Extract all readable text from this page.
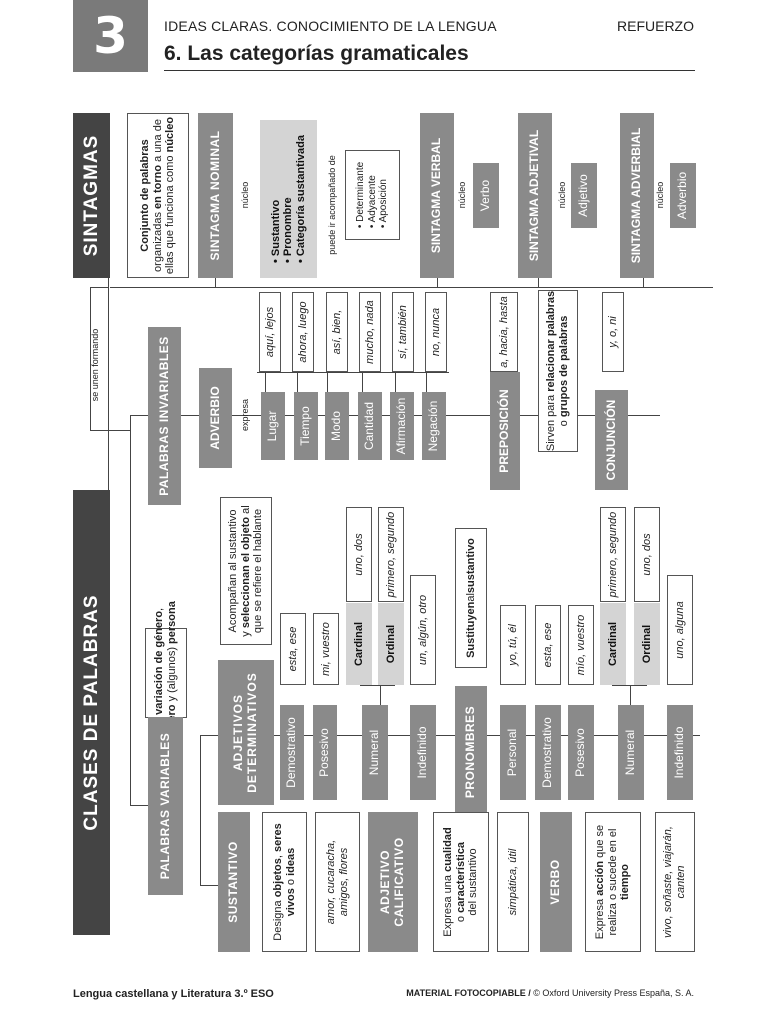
3	IDEAS CLARAS. CONOCIMIENTO DE LA LENGUA	REFUERZO
6. Las categorías gramaticales
SINTAGMAS	Conjunto de palabras organizadas en torno a una de
ellas que funciona como núcleo	SINTAGMA NOMINAL	núcleo
• Sustantivo • Pronombre • Categoría sustantivada puede ir acompañado de • Determinante • Adyacente • Aposición	SINTAGMA VERBAL	núcleo Verbo	SINTAGMA ADJETIVAL	núcleo Adjetivo	SINTAGMA ADVERBIAL	núcleo Adverbio
se unen formando
CLASES DE PALABRAS
PALABRAS INVARIABLES	ADVERBIO	expresa	Lugar	Tiempo	Modo	Cantidad	Afirmación	Negación
aquí, lejos	ahora, luego	así, bien,	mucho, nada	sí, también	no, nunca
PREPOSICIÓN
a, hacia, hasta
Sirven para relacionar palabras
o grupos de palabras
CONJUNCIÓN
y, o, ni
variación de género,
y (algunos) persona
PALABRAS VARIABLES
Acompañan al sustantivo y seleccionan el objeto al que se refiere el hablante
ADJETIVOS DETERMINATIVOS	Demostrativo
esta, ese
Posesivo
mi, vuestro
Numeral
Cardinal	Ordinal
uno, dos	primero, segundo
Indefinido
un, algún, otro
PRONOMBRES
Sustituyen
al
sustantivo
Personal
yo, tú, él
Demostrativo
esta, ese
Posesivo
mío, vuestro
Numeral
Cardinal	Ordinal
primero, segundo	uno, dos
Indefinido
uno, alguna
SUSTANTIVO	Designa objetos, seres
vivos o ideas	amor, cucaracha, amigos, flores ADJETIVO CALIFICATIVO	Expresa una cualidad
o característica del sustantivo	simpática, útil	VERBO
Expresa acción que se realiza o sucede en el tiempo	vivo, soñaste, viajarán, canten
Lengua castellana y Literatura 3.º ESO	MATERIAL FOTOCOPIABLE / © Oxford University Press España, S. A.
